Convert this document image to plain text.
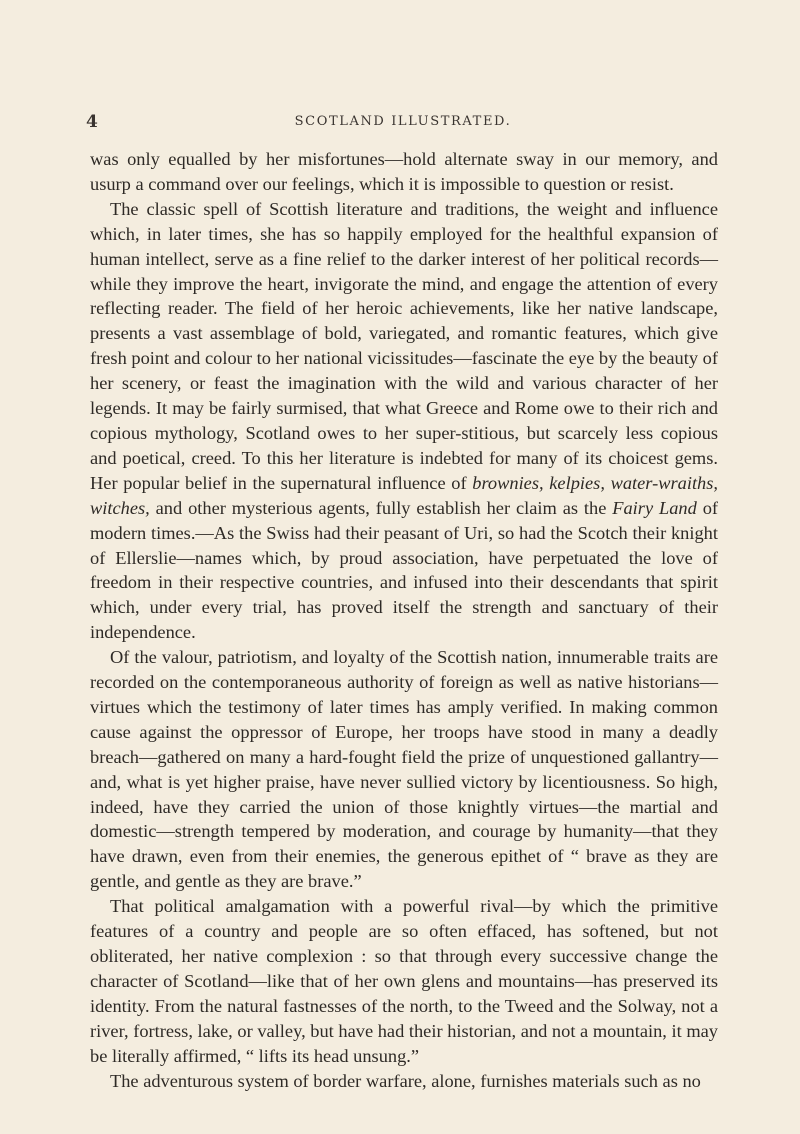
4	SCOTLAND ILLUSTRATED.

was only equalled by her misfortunes—hold alternate sway in our memory, and usurp a command over our feelings, which it is impossible to question or resist.

The classic spell of Scottish literature and traditions, the weight and influence which, in later times, she has so happily employed for the healthful expansion of human intellect, serve as a fine relief to the darker interest of her political records—while they improve the heart, invigorate the mind, and engage the attention of every reflecting reader. The field of her heroic achievements, like her native landscape, presents a vast assemblage of bold, variegated, and romantic features, which give fresh point and colour to her national vicissitudes—fascinate the eye by the beauty of her scenery, or feast the imagination with the wild and various character of her legends. It may be fairly surmised, that what Greece and Rome owe to their rich and copious mythology, Scotland owes to her super-stitious, but scarcely less copious and poetical, creed. To this her literature is indebted for many of its choicest gems. Her popular belief in the supernatural influence of brownies, kelpies, water-wraiths, witches, and other mysterious agents, fully establish her claim as the Fairy Land of modern times.—As the Swiss had their peasant of Uri, so had the Scotch their knight of Ellerslie—names which, by proud association, have perpetuated the love of freedom in their respective countries, and infused into their descendants that spirit which, under every trial, has proved itself the strength and sanctuary of their independence.

Of the valour, patriotism, and loyalty of the Scottish nation, innumerable traits are recorded on the contemporaneous authority of foreign as well as native historians—virtues which the testimony of later times has amply verified. In making common cause against the oppressor of Europe, her troops have stood in many a deadly breach—gathered on many a hard-fought field the prize of unquestioned gallantry—and, what is yet higher praise, have never sullied victory by licentiousness. So high, indeed, have they carried the union of those knightly virtues—the martial and domestic—strength tempered by moderation, and courage by humanity—that they have drawn, even from their enemies, the generous epithet of “ brave as they are gentle, and gentle as they are brave.”

That political amalgamation with a powerful rival—by which the primitive features of a country and people are so often effaced, has softened, but not obliterated, her native complexion : so that through every successive change the character of Scotland—like that of her own glens and mountains—has preserved its identity. From the natural fastnesses of the north, to the Tweed and the Solway, not a river, fortress, lake, or valley, but have had their historian, and not a mountain, it may be literally affirmed, “ lifts its head unsung.”

The adventurous system of border warfare, alone, furnishes materials such as no
